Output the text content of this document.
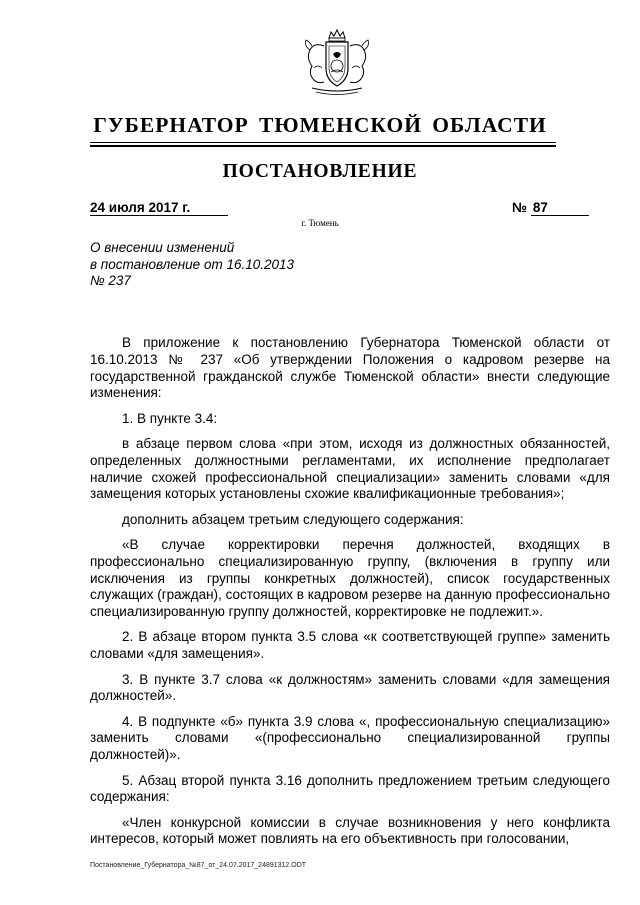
ГУБЕРНАТОР ТЮМЕНСКОЙ ОБЛАСТИ
ПОСТАНОВЛЕНИЕ
24 июля 2017 г.	№ 87
г. Тюмень
О внесении изменений
в постановление от 16.10.2013
№ 237

В приложение к постановлению Губернатора Тюменской области от 16.10.2013 № 237 «Об утверждении Положения о кадровом резерве на государственной гражданской службе Тюменской области» внести следующие изменения:

1. В пункте 3.4:

в абзаце первом слова «при этом, исходя из должностных обязанностей, определенных должностными регламентами, их исполнение предполагает наличие схожей профессиональной специализации» заменить словами «для замещения которых установлены схожие квалификационные требования»;

дополнить абзацем третьим следующего содержания:

«В случае корректировки перечня должностей, входящих в профессионально специализированную группу, (включения в группу или исключения из группы конкретных должностей), список государственных служащих (граждан), состоящих в кадровом резерве на данную профессионально специализированную группу должностей, корректировке не подлежит.».

2. В абзаце втором пункта 3.5 слова «к соответствующей группе» заменить словами «для замещения».

3. В пункте 3.7 слова «к должностям» заменить словами «для замещения должностей».

4. В подпункте «б» пункта 3.9 слова «, профессиональную специализацию» заменить словами «(профессионально специализированной группы должностей)».

5. Абзац второй пункта 3.16 дополнить предложением третьим следующего содержания:

«Член конкурсной комиссии в случае возникновения у него конфликта интересов, который может повлиять на его объективность при голосовании,

Постановление_Губернатора_№87_от_24.07.2017_24891312.ODT
